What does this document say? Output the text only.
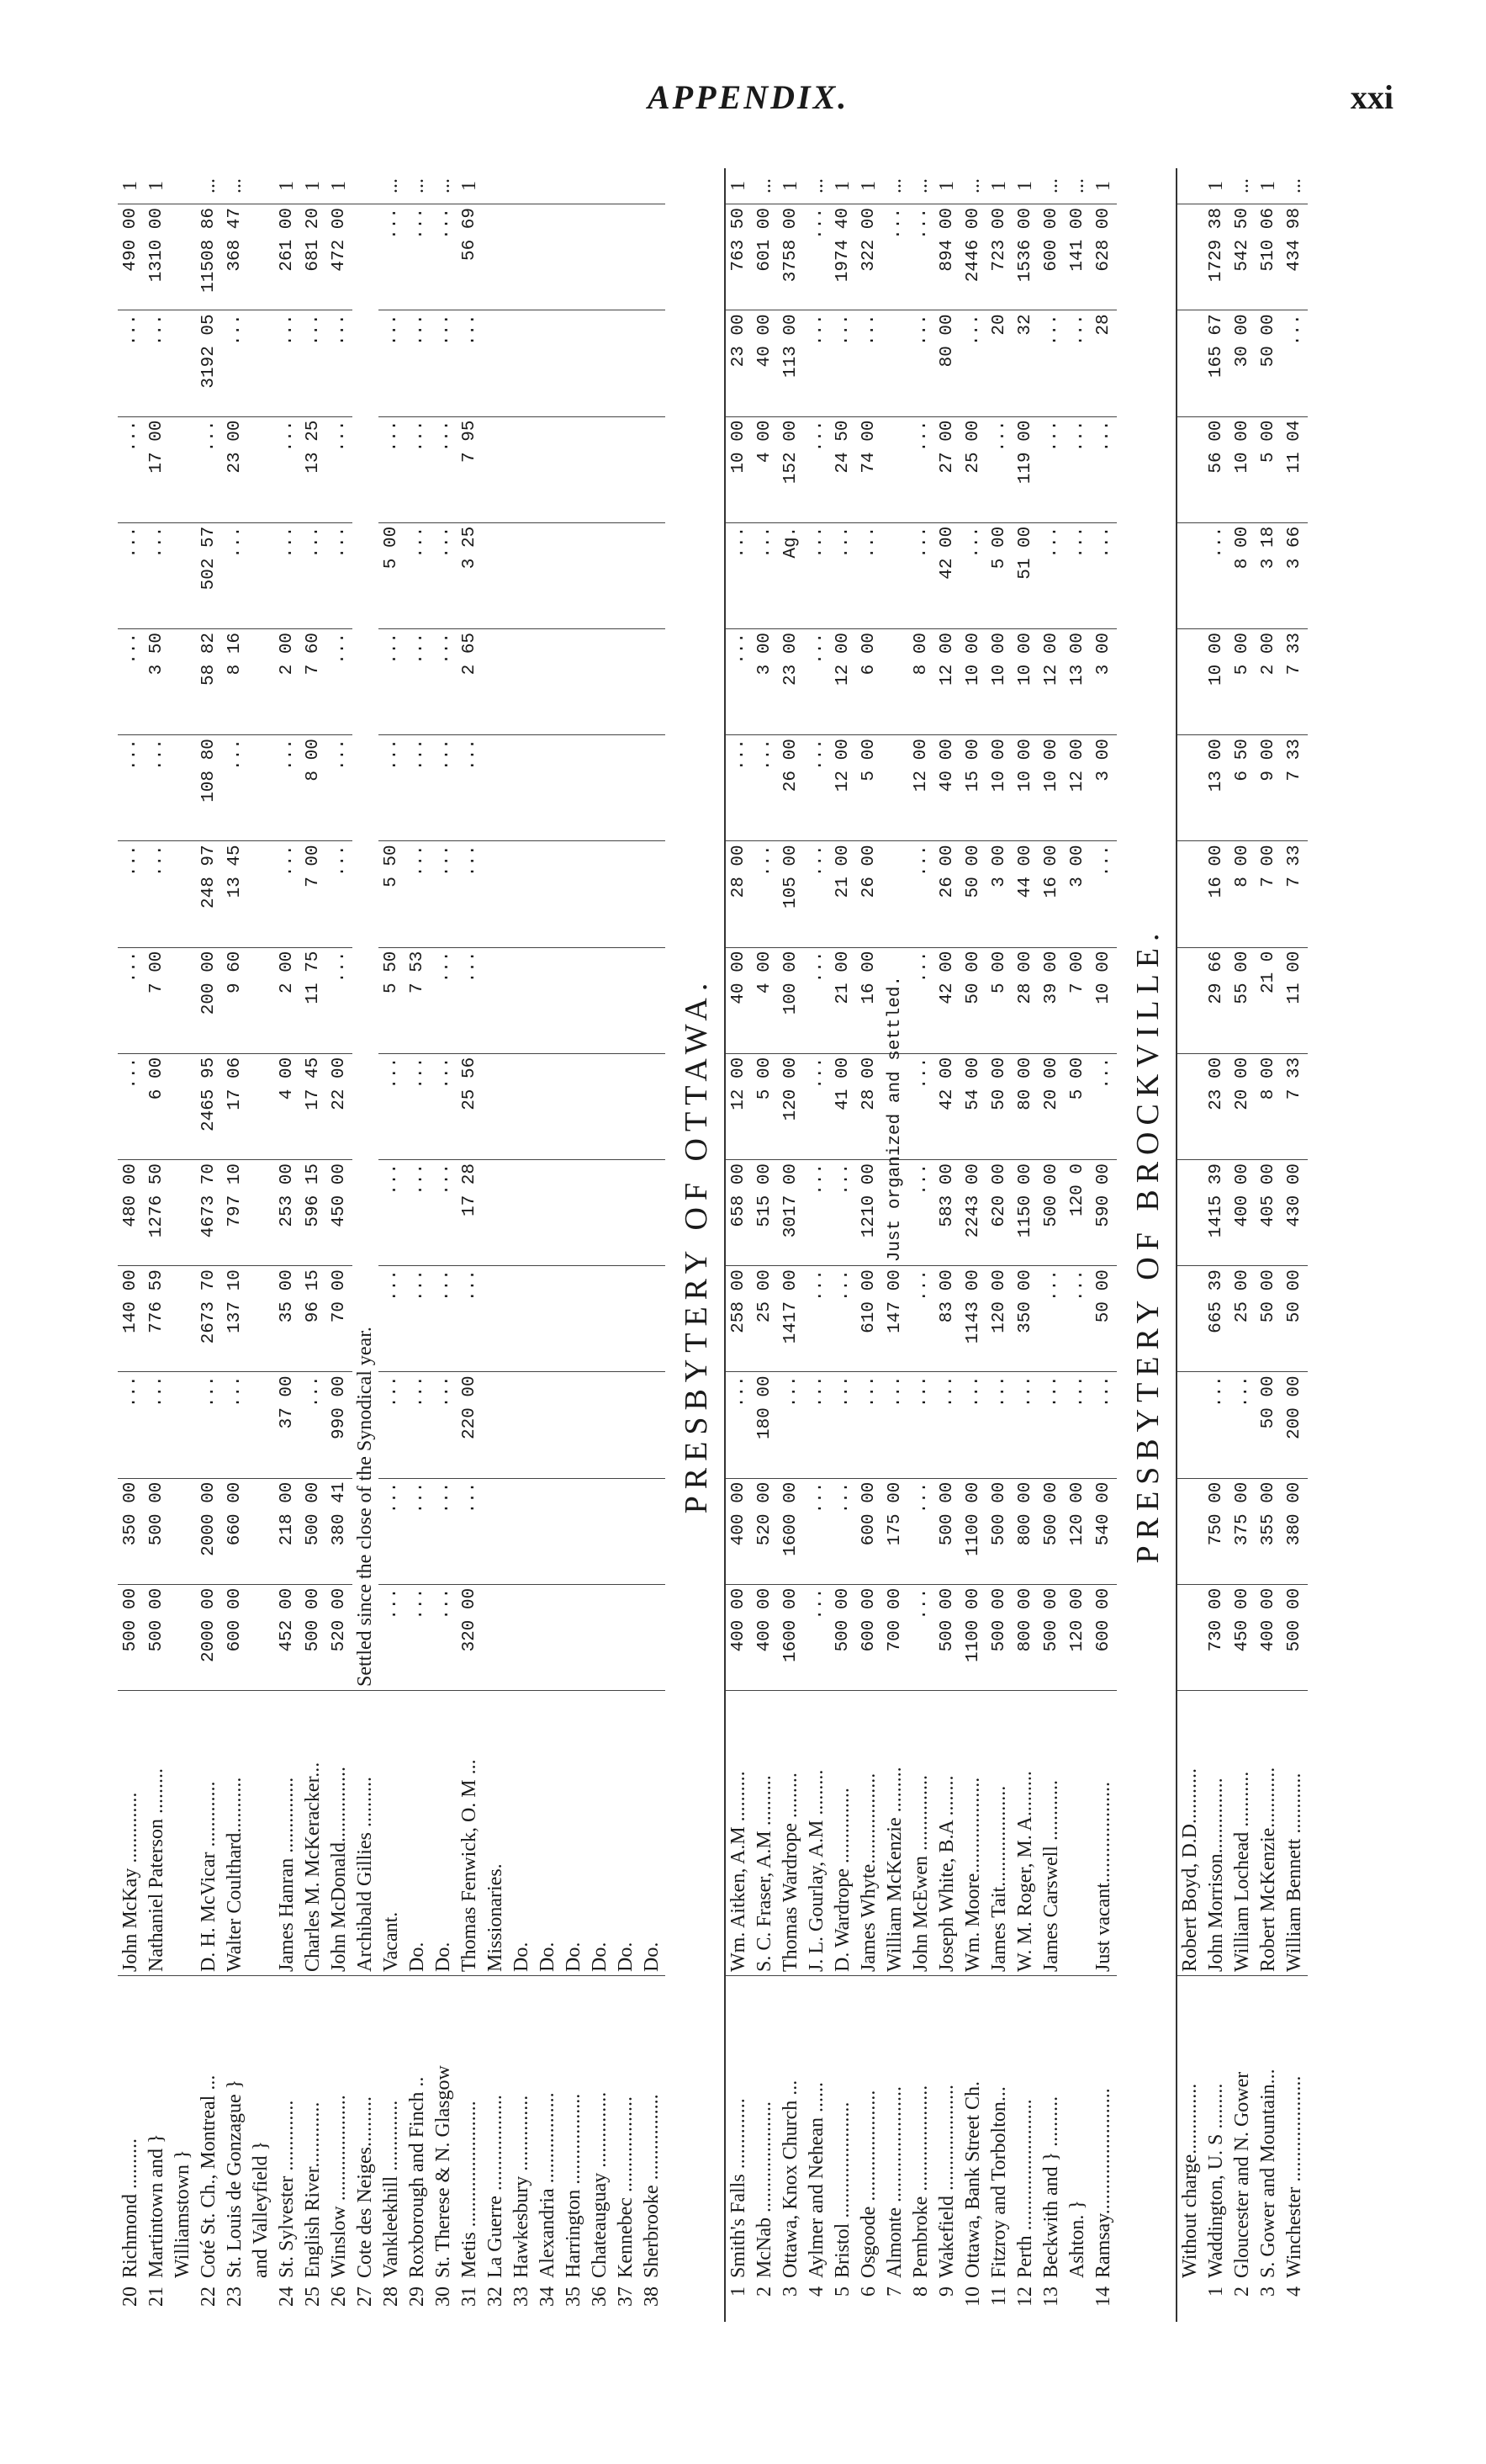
APPENDIX.	xxi
20	Richmond ..........	John McKay ..............	500 00	350 00	...	140 00	480 00	...	...	...	...	...	...	...	...	490 00	1
21	Martintown and }	Nathaniel Paterson .........	500 00	500 00	...	776 59	1276 50	6 00	7 00	...	...	3 50	...	17 00	...	1310 00	1
	Williamstown }																
22	Coté St. Ch., Montreal ...	D. H. McVicar .............	2000 00	2000 00	...	2673 70	4673 70	2465 95	200 00	248 97	108 80	58 82	502 57	...	3192 05	11508 86	...
23	St. Louis de Gonzague }	Walter Coulthard...........	600 00	660 00	...	137 10	797 10	17 06	9 60	13 45	...	8 16	...	23 00	...	368 47	...
	and Valleyfield }																
24	St. Sylvester ..............	James Hanran ...............	452 00	218 00	37 00	35 00	253 00	4 00	2 00	...	...	2 00	...	...	...	261 00	1
25	English River.............	Charles M. McKeracker...	500 00	500 00	...	96 15	596 15	17 45	11 75	7 00	8 00	7 60	...	13 25	...	681 20	1
26	Winslow .....................	John McDonald...............	520 00	380 41	990 00	70 00	450 00	22 00	...	...	...	...	...	...	...	472 00	1
27	Cote des Neiges..........	Archibald Gillies ..........	Settled since the close of the Synodical year.														
28	Vankleekhill ..............	Vacant.	...	...	...	...	...	...	5 50	5 50	...	...	5 00	...	...	...	...
29	Roxborough and Finch ..	Do.	...	...	...	...	...	...	7 53	...	...	...	...	...	...	...	...
30	St. Therese & N. Glasgow	Do.	...	...	...	...	...	...	...	...	...	...	...	...	...	...	...
31	Metis .........................	Thomas Fenwick, O. M ...	320 00	...	220 00	...	17 28	25 56	...	...	...	2 65	3 25	7 95	...	56 69	1
32	La Guerre ...................	Missionaries.															
33	Hawkesbury ...............	Do.															
34	Alexandria ..................	Do.															
35	Harrington ..................	Do.															
36	Chateauguay ...............	Do.															
37	Kennebec ...................	Do.															
38	Sherbrooke .................	Do.															
PRESBYTERY OF OTTAWA.																	
1	Smith's Falls ..............	Wm. Aitken, A.M ..........	400 00	400 00	...	258 00	658 00	12 00	40 00	28 00	...	...	...	10 00	23 00	763 50	1
2	McNab ......................	S. C. Fraser, A.M ..........	400 00	520 00	180 00	25 00	515 00	5 00	4 00	...	...	3 00	...	4 00	40 00	601 00	...
3	Ottawa, Knox Church ...	Thomas Wardrope .........	1600 00	1600 00	...	1417 00	3017 00	120 00	100 00	105 00	26 00	23 00	Ag.	152 00	113 00	3758 00	1
4	Aylmer and Nehean ......	J. L. Gourlay, A.M .........	...	...	...	...	...	...	...	...	...	...	...	...	...	...	...
5	Bristol .......................	D. Wardrope ...............	500 00	...	...	...	...	41 00	21 00	21 00	12 00	12 00	...	24 50	...	1974 40	1
6	Osgoode ......................	James Whyte..................	600 00	600 00	...	610 00	1210 00	28 00	16 00	26 00	5 00	6 00	...	74 00	...	322 00	1
7	Almonte .......................	William McKenzie .........	700 00	175 00	...	147 00	Just organized and settled.									...	...
8	Pembroke .....................	John McEwen ...............	...	...	...	...	...	...	...	...	12 00	8 00	...	...	...	...	...
9	Wakefield .....................	Joseph White, B.A ........	500 00	500 00	...	83 00	583 00	42 00	42 00	26 00	40 00	12 00	42 00	27 00	80 00	894 00	1
10	Ottawa, Bank Street Ch.	Wm. Moore...................	1100 00	1100 00	...	1143 00	2243 00	54 00	50 00	50 00	15 00	10 00	...	25 00	...	2446 00	...
11	Fitzroy and Torbolton...	James Tait....................	500 00	500 00	...	120 00	620 00	50 00	5 00	3 00	10 00	10 00	5 00	...	20	723 00	1
12	Perth ..........................	W. M. Roger, M. A.........	800 00	800 00	...	350 00	1150 00	80 00	28 00	44 00	10 00	10 00	51 00	119 00	32	1536 00	1
13	Beckwith and } ..........	James Carswell ............	500 00	500 00	...	...	500 00	20 00	39 00	16 00	10 00	12 00	...	...	...	600 00	...
	Ashton. }		120 00	120 00	...	...	120 0	5 00	7 00	3 00	12 00	13 00	...	...	...	141 00	...
14	Ramsay.........................	Just vacant....................	600 00	540 00	...	50 00	590 00	...	10 00	...	3 00	3 00	...	...	28	628 00	1
PRESBYTERY OF BROCKVILLE.																	
	Without charge..............	Robert Boyd, D.D...........															
1	Waddington, U. S .........	John Morrison...............	730 00	750 00	...	665 39	1415 39	23 00	29 66	16 00	13 00	10 00	...	56 00	165 67	1729 38	1
2	Gloucester and N. Gower	William Lochead ...........	450 00	375 00	...	25 00	400 00	20 00	55 00	8 00	6 50	5 00	8 00	10 00	30 00	542 50	...
3	S. Gower and Mountain...	Robert McKenzie............	400 00	355 00	50 00	50 00	405 00	8 00	21 0	7 00	9 00	2 00	3 18	5 00	50 00	510 06	1
4	Winchester .....................	William Bennett ............	500 00	380 00	200 00	50 00	430 00	7 33	11 00	7 33	7 33	7 33	3 66	11 04	...	434 98	...
